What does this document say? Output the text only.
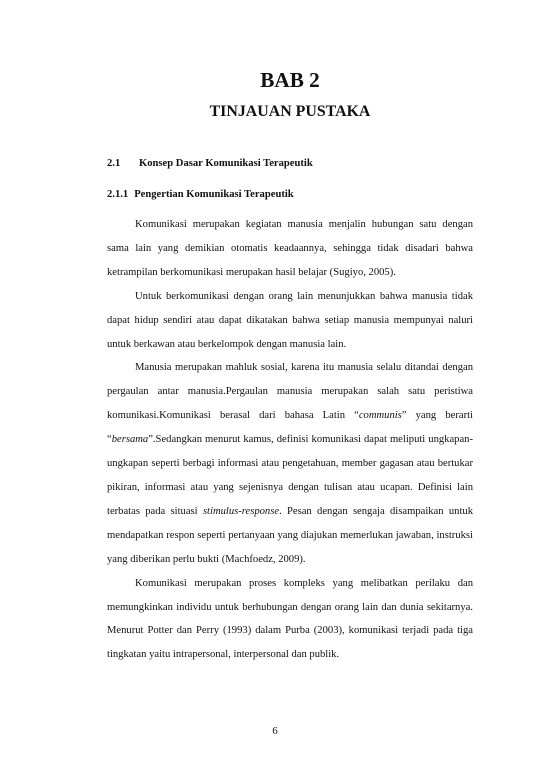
BAB 2
TINJAUAN PUSTAKA
2.1	Konsep Dasar Komunikasi Terapeutik
2.1.1 Pengertian Komunikasi Terapeutik

Komunikasi merupakan kegiatan manusia menjalin hubungan satu dengan sama lain yang demikian otomatis keadaannya, sehingga tidak disadari bahwa ketrampilan berkomunikasi merupakan hasil belajar (Sugiyo, 2005).

Untuk berkomunikasi dengan orang lain menunjukkan bahwa manusia tidak dapat hidup sendiri atau dapat dikatakan bahwa setiap manusia mempunyai naluri untuk berkawan atau berkelompok dengan manusia lain.

Manusia merupakan mahluk sosial, karena itu manusia selalu ditandai dengan pergaulan antar manusia.Pergaulan manusia merupakan salah satu peristiwa komunikasi.Komunikasi berasal dari bahasa Latin “communis” yang berarti “bersama”.Sedangkan menurut kamus, definisi komunikasi dapat meliputi ungkapan-ungkapan seperti berbagi informasi atau pengetahuan, member gagasan atau bertukar pikiran, informasi atau yang sejenisnya dengan tulisan atau ucapan. Definisi lain terbatas pada situasi stimulus-response. Pesan dengan sengaja disampaikan untuk mendapatkan respon seperti pertanyaan yang diajukan memerlukan jawaban, instruksi yang diberikan perlu bukti (Machfoedz, 2009).

Komunikasi merupakan proses kompleks yang melibatkan perilaku dan memungkinkan individu untuk berhubungan dengan orang lain dan dunia sekitarnya. Menurut Potter dan Perry (1993) dalam Purba (2003), komunikasi terjadi pada tiga tingkatan yaitu intrapersonal, interpersonal dan publik.

6
